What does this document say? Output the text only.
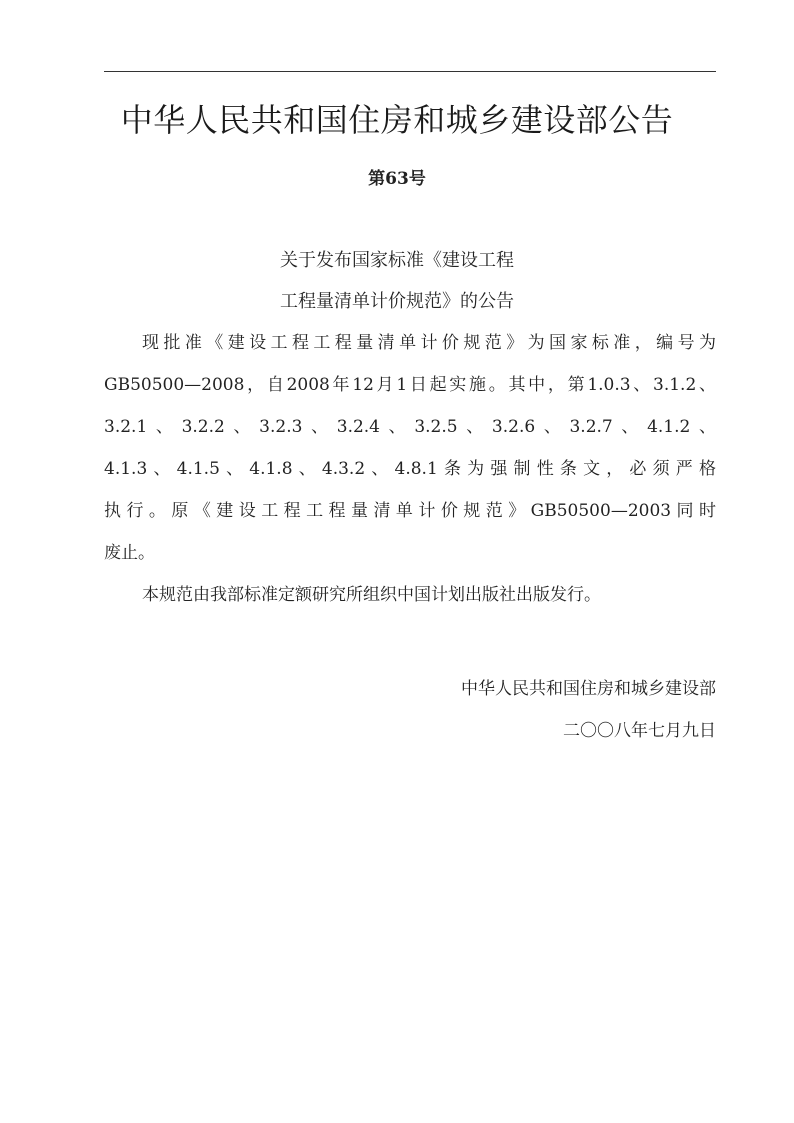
中华人民共和国住房和城乡建设部公告
第63号
关于发布国家标准《建设工程
工程量清单计价规范》的公告
现批准《建设工程工程量清单计价规范》为国家标准，编号为
GB50500—2008，自2008年12月1日起实施。其中，第1.0.3、3.1.2、
3.2.1、3.2.2、3.2.3、3.2.4、3.2.5、3.2.6、3.2.7、4.1.2、
4.1.3、4.1.5、4.1.8、4.3.2、4.8.1条为强制性条文，必须严格
执行。原《建设工程工程量清单计价规范》GB50500—2003同时
废止。
本规范由我部标准定额研究所组织中国计划出版社出版发行。
中华人民共和国住房和城乡建设部
二〇〇八年七月九日
